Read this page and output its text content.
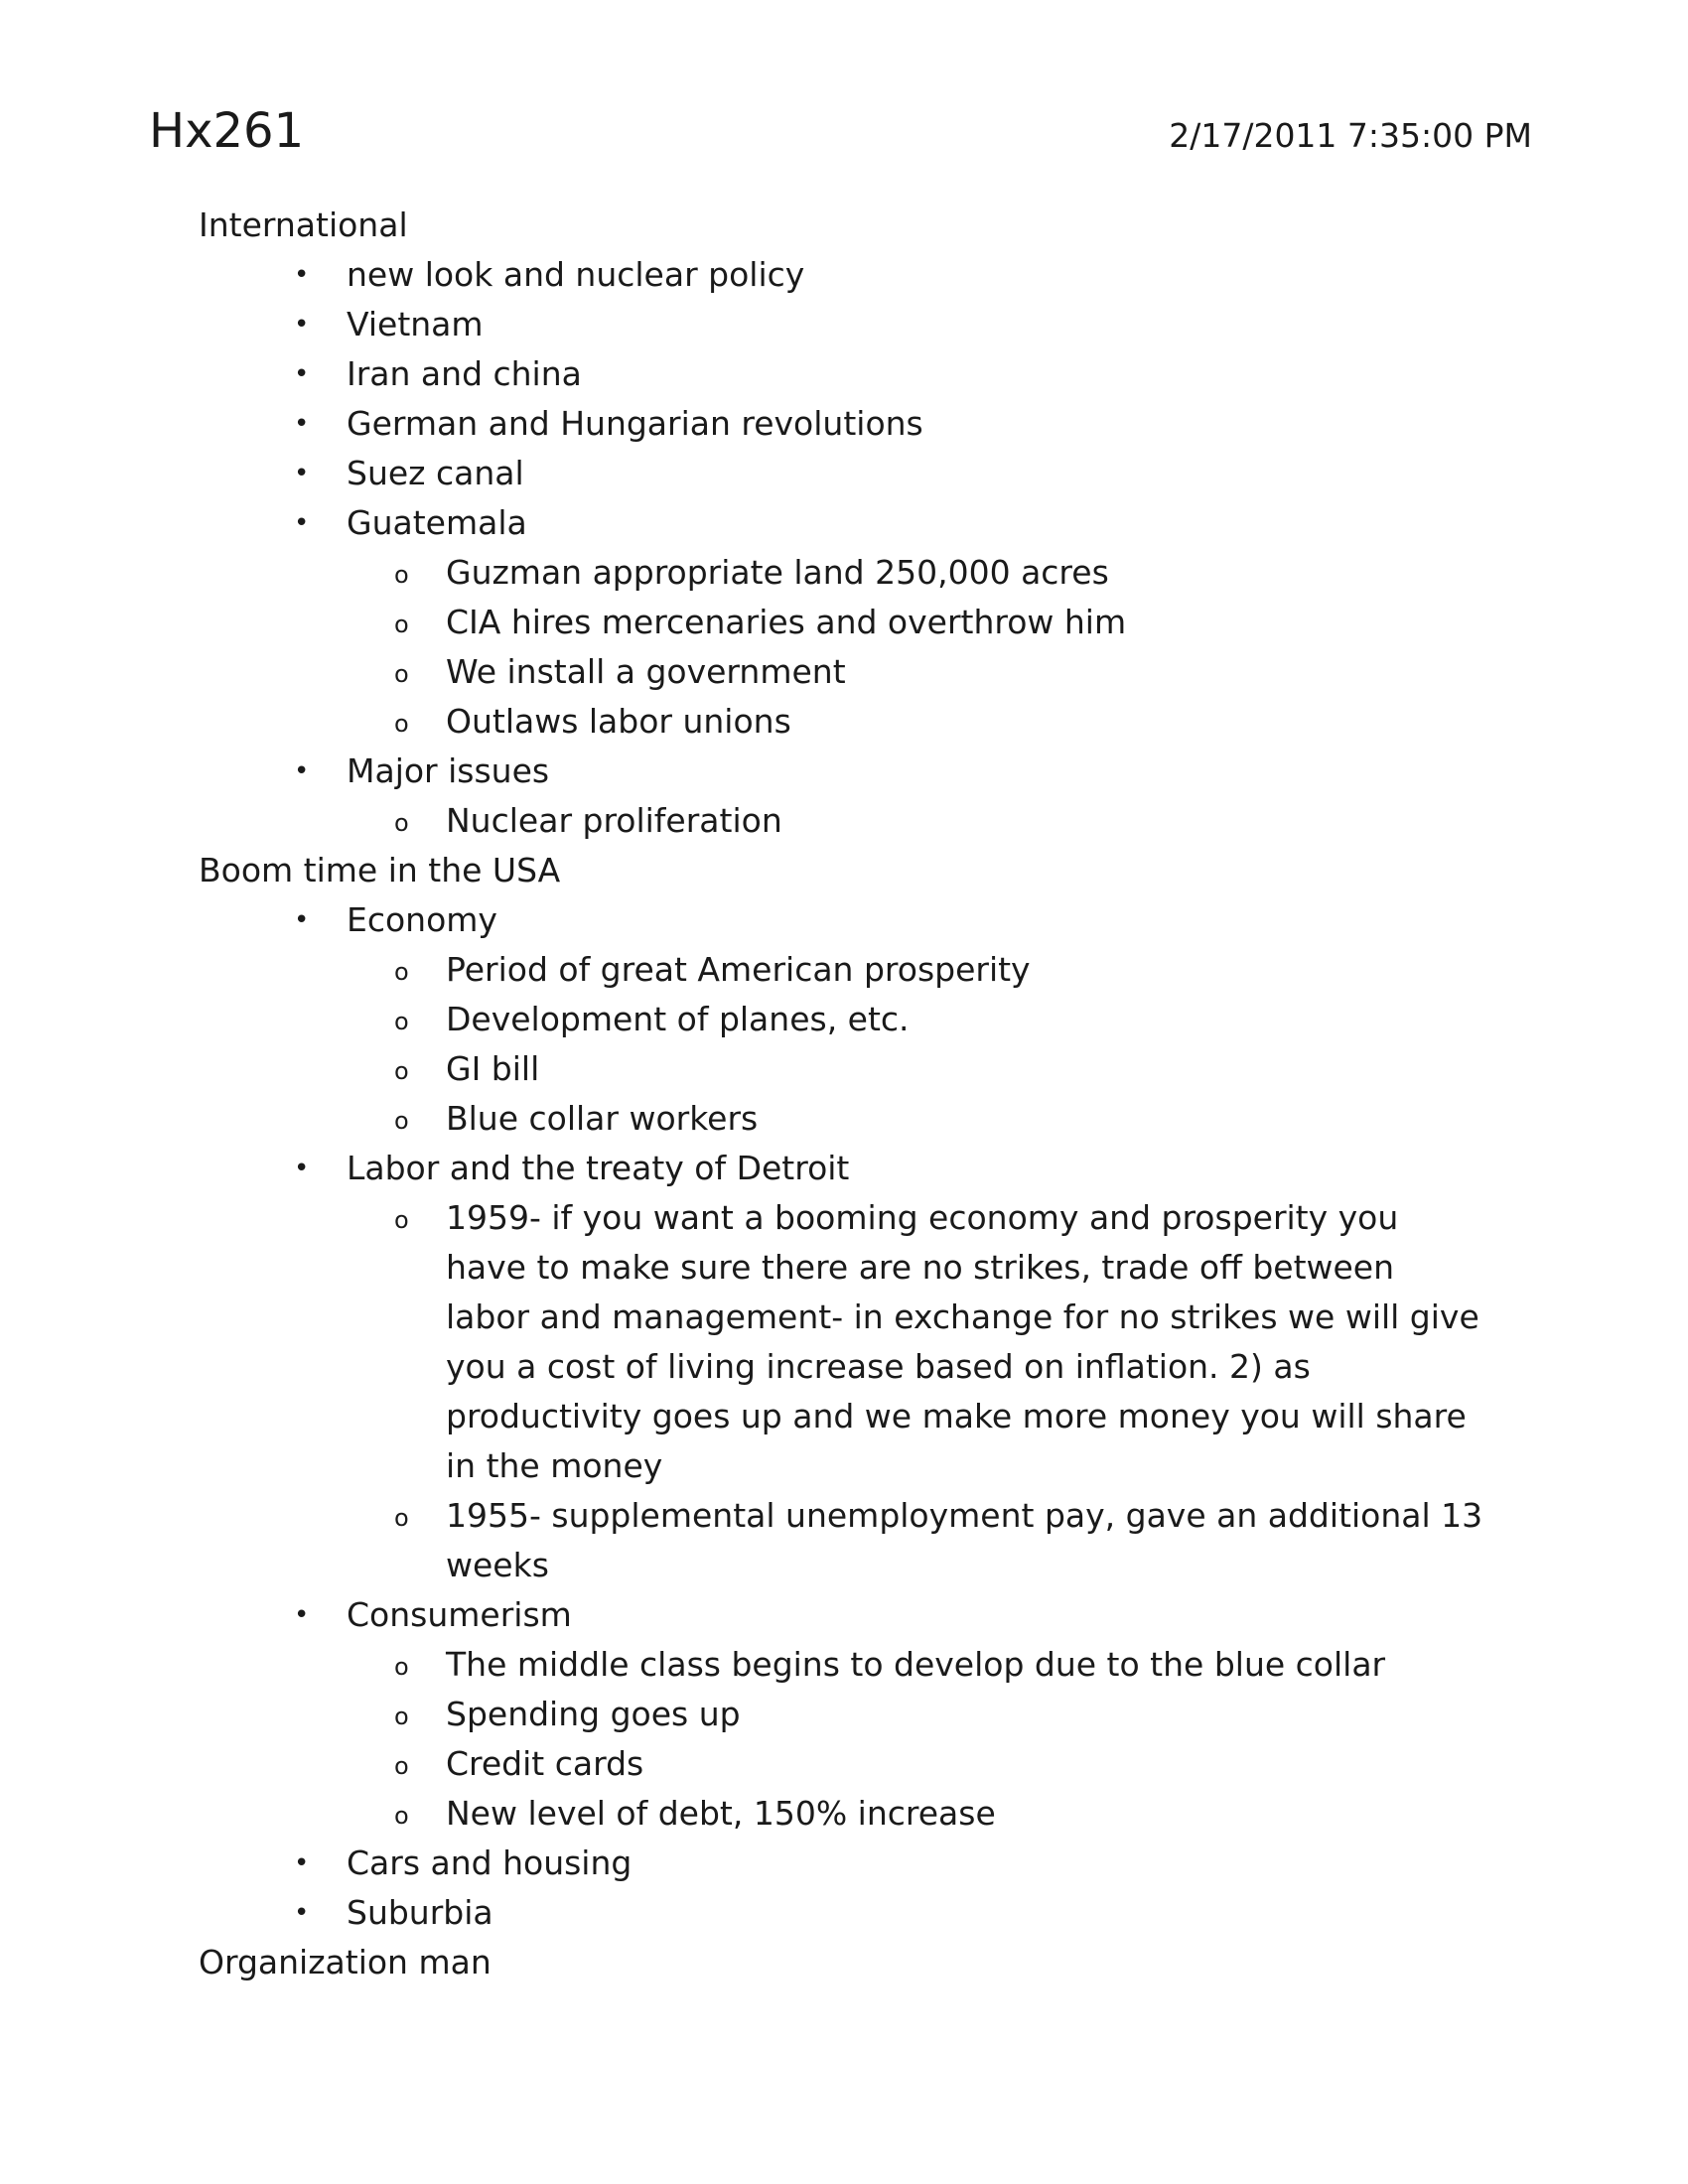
Hx261	2/17/2011 7:35:00 PM
International
• new look and nuclear policy
• Vietnam
• Iran and china
• German and Hungarian revolutions
• Suez canal
• Guatemala
o Guzman appropriate land 250,000 acres
o CIA hires mercenaries and overthrow him
o We install a government
o Outlaws labor unions
• Major issues
o Nuclear proliferation
Boom time in the USA
• Economy
o Period of great American prosperity
o Development of planes, etc.
o GI bill
o Blue collar workers
• Labor and the treaty of Detroit
o 1959- if you want a booming economy and prosperity you have to make sure there are no strikes, trade off between labor and management- in exchange for no strikes we will give you a cost of living increase based on inflation. 2) as productivity goes up and we make more money you will share in the money
o 1955- supplemental unemployment pay, gave an additional 13 weeks
• Consumerism
o The middle class begins to develop due to the blue collar
o Spending goes up
o Credit cards
o New level of debt, 150% increase
• Cars and housing
• Suburbia
Organization man
